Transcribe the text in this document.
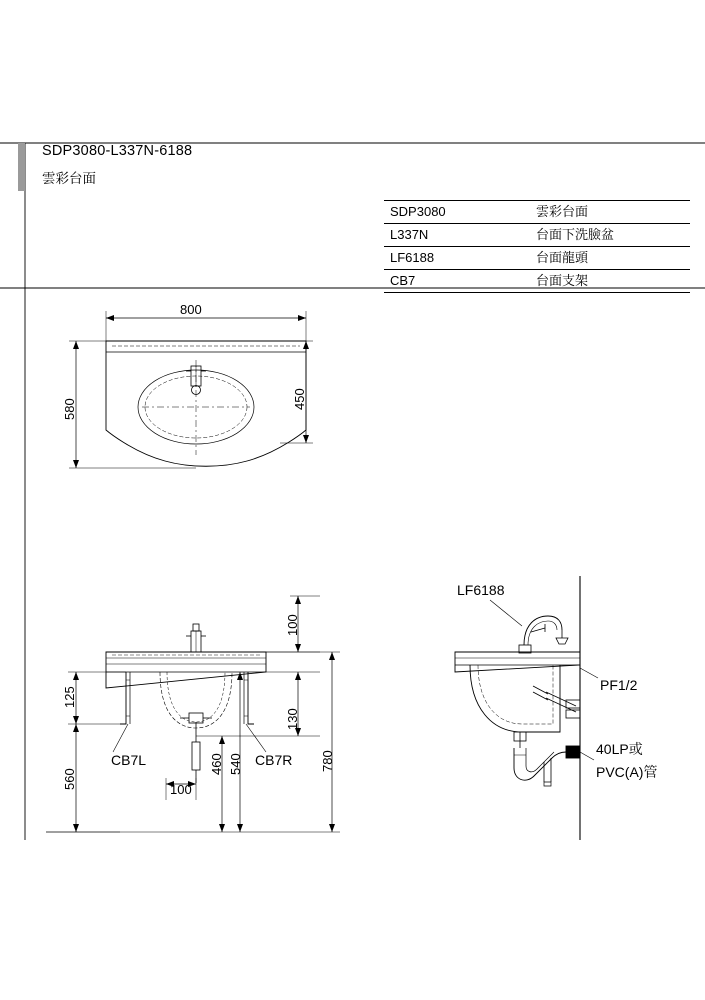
SDP3080-L337N-6188
雲彩台面
SDP3080	雲彩台面
L337N	台面下洗臉盆
LF6188	台面龍頭
CB7	台面支架
800
580	450
100
125
560
130
460 540	780
100
CB7L	CB7R
LF6188
PF1/2
40LP或
PVC(A)管
